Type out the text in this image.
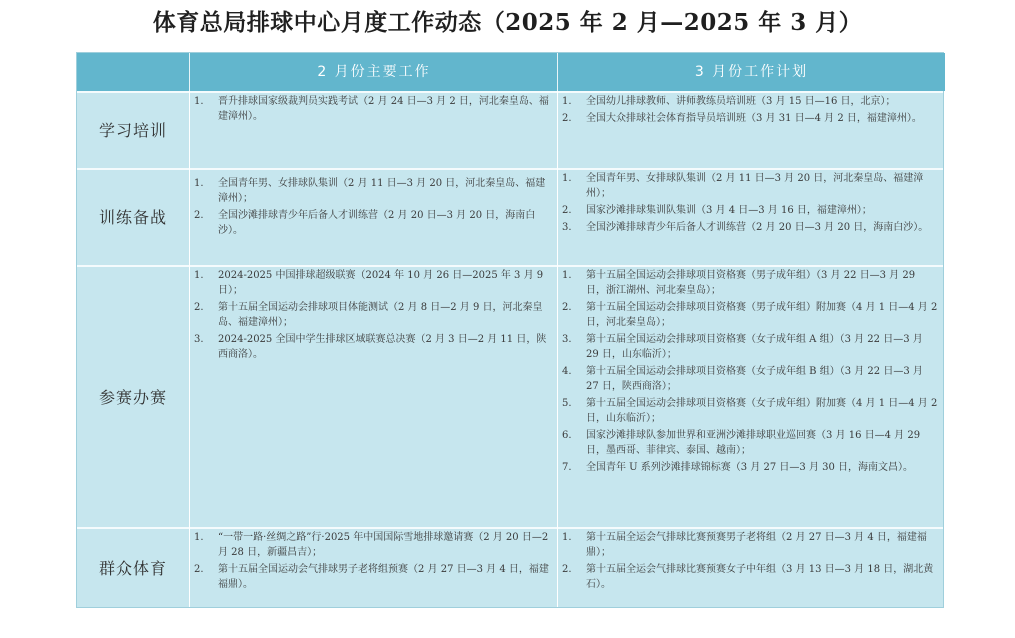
体育总局排球中心月度工作动态（2025 年 2 月—2025 年 3 月）
2 月份主要工作	3 月份工作计划
学习培训
1.	晋升排球国家级裁判员实践考试（2 月 24 日—3 月 2 日，河北秦皇岛、福建漳州）。
1.	全国幼儿排球教师、讲师教练员培训班（3 月 15 日—16 日，北京）；
2.	全国大众排球社会体育指导员培训班（3 月 31 日—4 月 2 日，福建漳州）。
训练备战
1.	全国青年男、女排球队集训（2 月 11 日—3 月 20 日，河北秦皇岛、福建漳州）；
2.	全国沙滩排球青少年后备人才训练营（2 月 20 日—3 月 20 日，海南白沙）。
1.	全国青年男、女排球队集训（2 月 11 日—3 月 20 日，河北秦皇岛、福建漳州）；
2.	国家沙滩排球集训队集训（3 月 4 日—3 月 16 日，福建漳州）；
3.	全国沙滩排球青少年后备人才训练营（2 月 20 日—3 月 20 日，海南白沙）。
参赛办赛
1.	2024-2025 中国排球超级联赛（2024 年 10 月 26 日—2025 年 3 月 9 日）；
2.	第十五届全国运动会排球项目体能测试（2 月 8 日—2 月 9 日，河北秦皇岛、福建漳州）；
3.	2024-2025 全国中学生排球区域联赛总决赛（2 月 3 日—2 月 11 日，陕西商洛）。
1.	第十五届全国运动会排球项目资格赛（男子成年组）（3 月 22 日—3 月 29 日，浙江湖州、河北秦皇岛）；
2.	第十五届全国运动会排球项目资格赛（男子成年组）附加赛（4 月 1 日—4 月 2 日，河北秦皇岛）；
3.	第十五届全国运动会排球项目资格赛（女子成年组 A 组）（3 月 22 日—3 月 29 日，山东临沂）；
4.	第十五届全国运动会排球项目资格赛（女子成年组 B 组）（3 月 22 日—3 月 27 日，陕西商洛）；
5.	第十五届全国运动会排球项目资格赛（女子成年组）附加赛（4 月 1 日—4 月 2 日，山东临沂）；
6.	国家沙滩排球队参加世界和亚洲沙滩排球职业巡回赛（3 月 16 日—4 月 29 日，墨西哥、菲律宾、泰国、越南）；
7.	全国青年 U 系列沙滩排球锦标赛（3 月 27 日—3 月 30 日，海南文昌）。
群众体育
1.	“一带一路·丝绸之路”行·2025 年中国国际雪地排球邀请赛（2 月 20 日—2 月 28 日，新疆昌吉）；
2.	第十五届全国运动会气排球男子老将组预赛（2 月 27 日—3 月 4 日，福建福鼎）。
1.	第十五届全运会气排球比赛预赛男子老将组（2 月 27 日—3 月 4 日，福建福鼎）；
2.	第十五届全运会气排球比赛预赛女子中年组（3 月 13 日—3 月 18 日，湖北黄石）。
